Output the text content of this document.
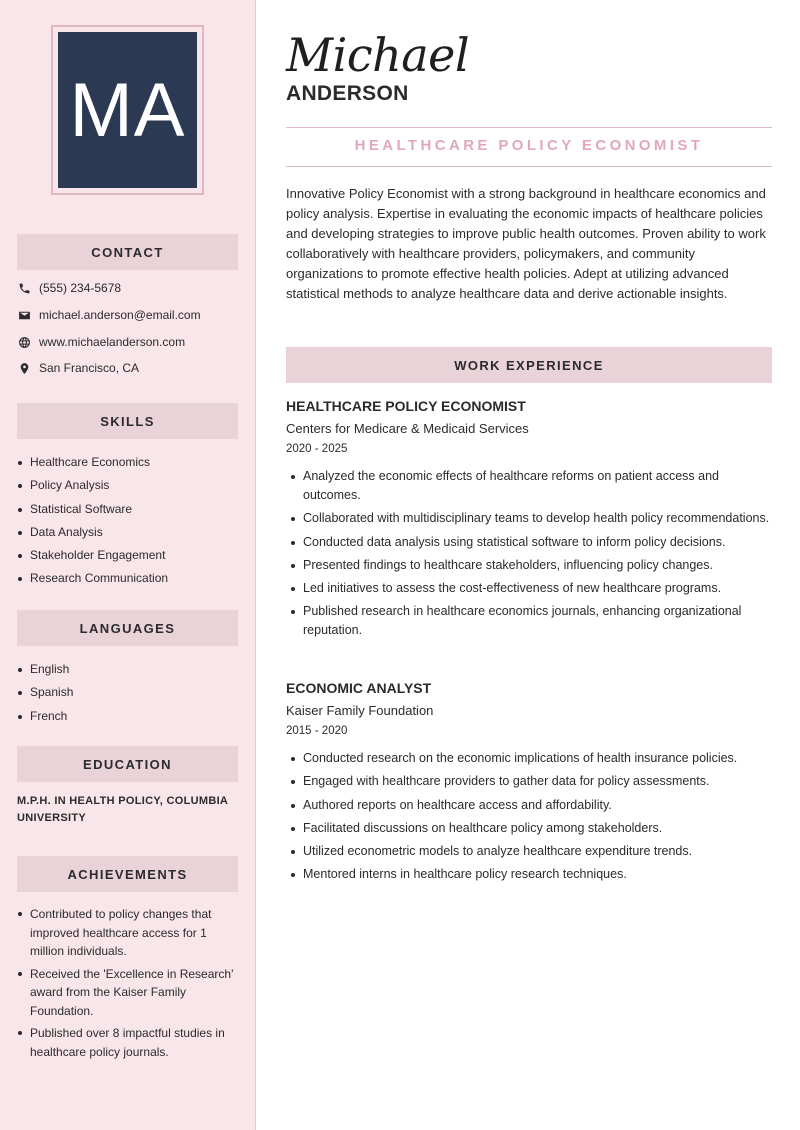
MA
CONTACT
(555) 234-5678
michael.anderson@email.com
www.michaelanderson.com
San Francisco, CA
SKILLS
Healthcare Economics
Policy Analysis
Statistical Software
Data Analysis
Stakeholder Engagement
Research Communication
LANGUAGES
English
Spanish
French
EDUCATION
M.P.H. IN HEALTH POLICY, COLUMBIA UNIVERSITY
ACHIEVEMENTS
Contributed to policy changes that improved healthcare access for 1 million individuals.
Received the 'Excellence in Research' award from the Kaiser Family Foundation.
Published over 8 impactful studies in healthcare policy journals.
Michael
ANDERSON
HEALTHCARE POLICY ECONOMIST
Innovative Policy Economist with a strong background in healthcare economics and policy analysis. Expertise in evaluating the economic impacts of healthcare policies and developing strategies to improve public health outcomes. Proven ability to work collaboratively with healthcare providers, policymakers, and community organizations to promote effective health policies. Adept at utilizing advanced statistical methods to analyze healthcare data and derive actionable insights.
WORK EXPERIENCE
HEALTHCARE POLICY ECONOMIST
Centers for Medicare & Medicaid Services
2020 - 2025
Analyzed the economic effects of healthcare reforms on patient access and outcomes.
Collaborated with multidisciplinary teams to develop health policy recommendations.
Conducted data analysis using statistical software to inform policy decisions.
Presented findings to healthcare stakeholders, influencing policy changes.
Led initiatives to assess the cost-effectiveness of new healthcare programs.
Published research in healthcare economics journals, enhancing organizational reputation.
ECONOMIC ANALYST
Kaiser Family Foundation
2015 - 2020
Conducted research on the economic implications of health insurance policies.
Engaged with healthcare providers to gather data for policy assessments.
Authored reports on healthcare access and affordability.
Facilitated discussions on healthcare policy among stakeholders.
Utilized econometric models to analyze healthcare expenditure trends.
Mentored interns in healthcare policy research techniques.
